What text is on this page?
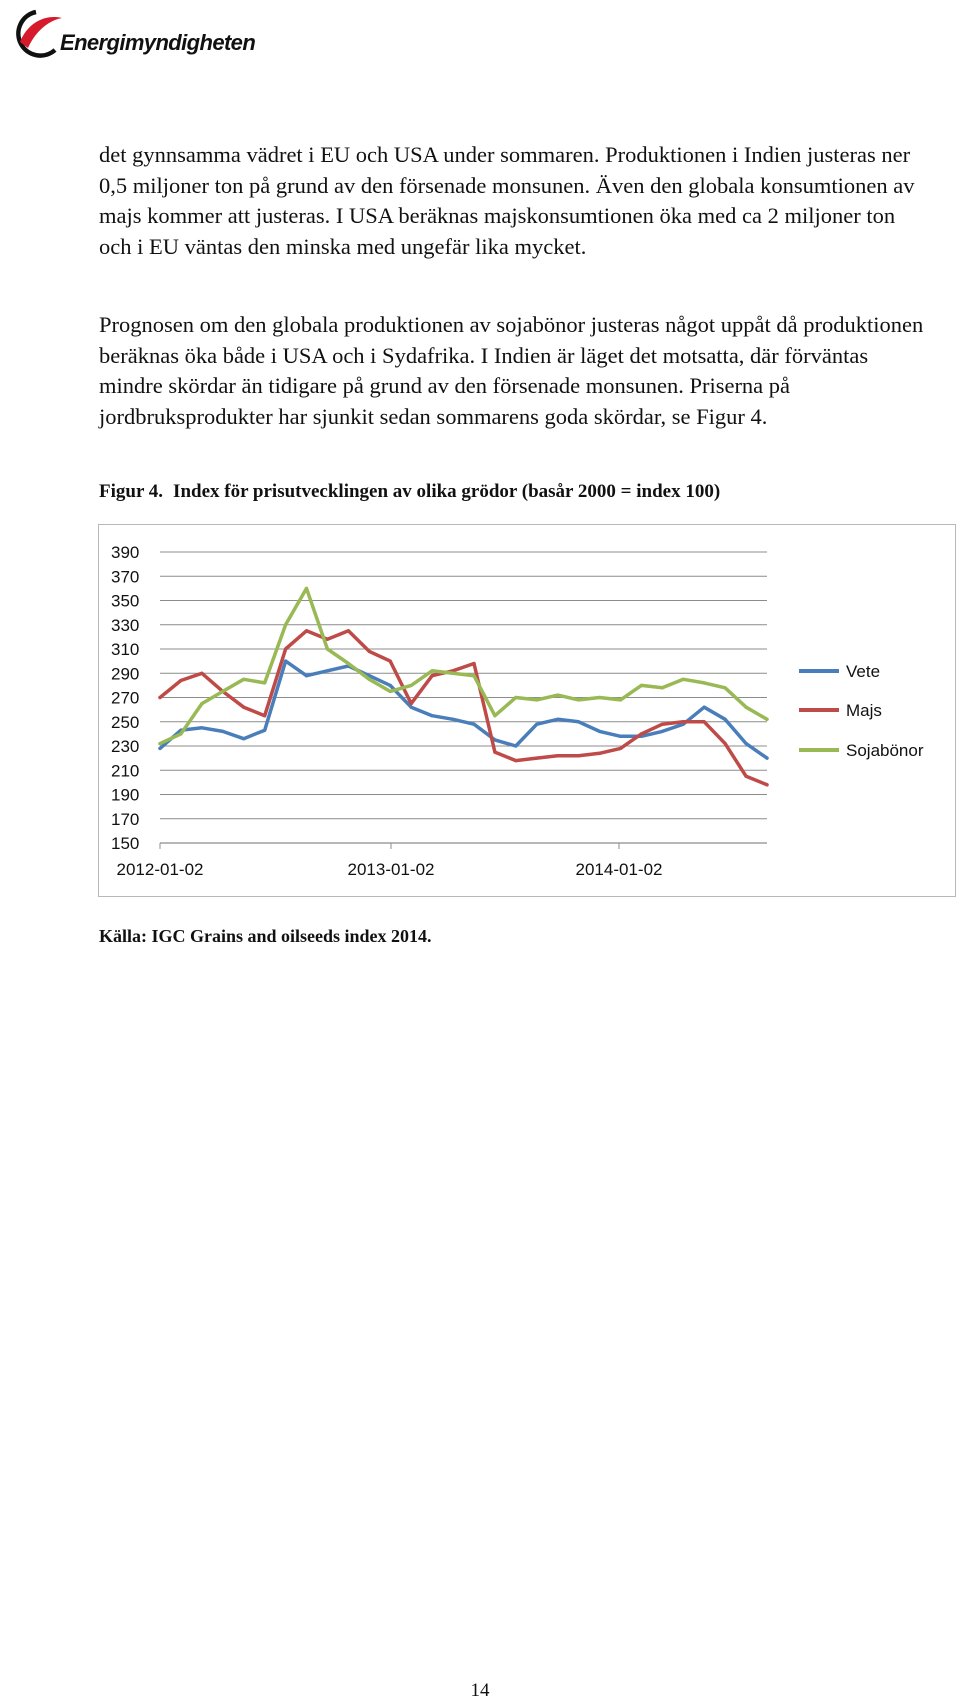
Energimyndigheten

det gynnsamma vädret i EU och USA under sommaren. Produktionen i Indien justeras ner 0,5 miljoner ton på grund av den försenade monsunen. Även den globala konsumtionen av majs kommer att justeras. I USA beräknas majskonsumtionen öka med ca 2 miljoner ton och i EU väntas den minska med ungefär lika mycket.

Prognosen om den globala produktionen av sojabönor justeras något uppåt då produktionen beräknas öka både i USA och i Sydafrika. I Indien är läget det motsatta, där förväntas mindre skördar än tidigare på grund av den försenade monsunen. Priserna på jordbruksprodukter har sjunkit sedan sommarens goda skördar, se Figur 4.

Figur 4. Index för prisutvecklingen av olika grödor (basår 2000 = index 100)

390
370
350
330
310
290
270
250
230
210
190
170
150
2012-01-02	2013-01-02	2014-01-02
Vete
Majs
Sojabönor

Källa: IGC Grains and oilseeds index 2014.

14
